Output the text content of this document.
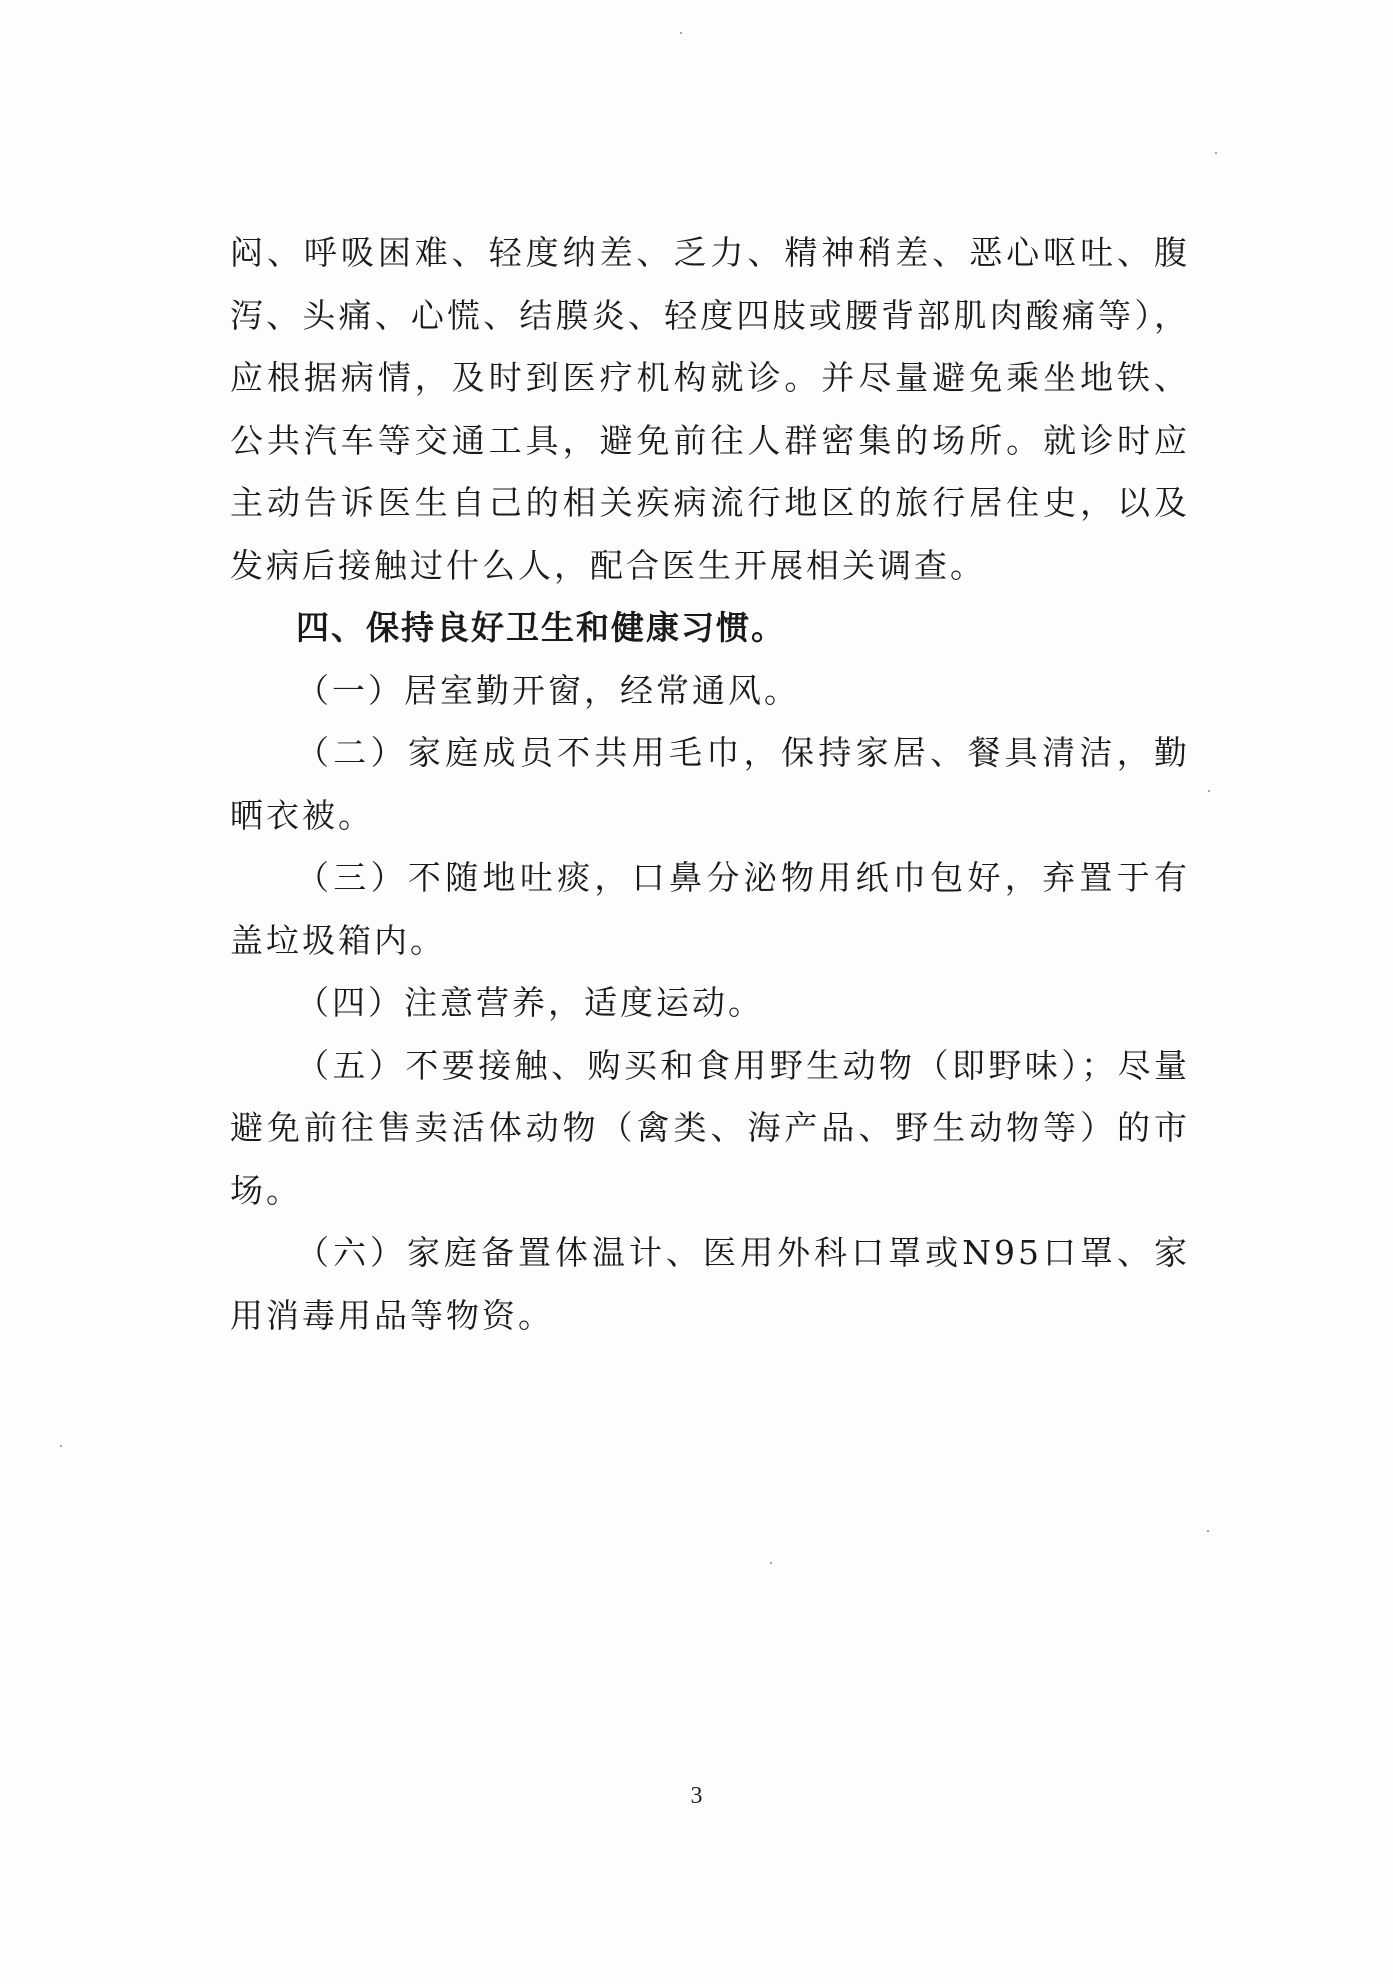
闷、呼吸困难、轻度纳差、乏力、精神稍差、恶心呕吐、腹泻、头痛、心慌、结膜炎、轻度四肢或腰背部肌肉酸痛等），应根据病情，及时到医疗机构就诊。并尽量避免乘坐地铁、公共汽车等交通工具，避免前往人群密集的场所。就诊时应主动告诉医生自己的相关疾病流行地区的旅行居住史，以及发病后接触过什么人，配合医生开展相关调查。

四、保持良好卫生和健康习惯。

（一）居室勤开窗，经常通风。

（二）家庭成员不共用毛巾，保持家居、餐具清洁，勤晒衣被。

（三）不随地吐痰，口鼻分泌物用纸巾包好，弃置于有盖垃圾箱内。

（四）注意营养，适度运动。

（五）不要接触、购买和食用野生动物（即野味）；尽量避免前往售卖活体动物（禽类、海产品、野生动物等）的市场。

（六）家庭备置体温计、医用外科口罩或N95口罩、家用消毒用品等物资。

3
